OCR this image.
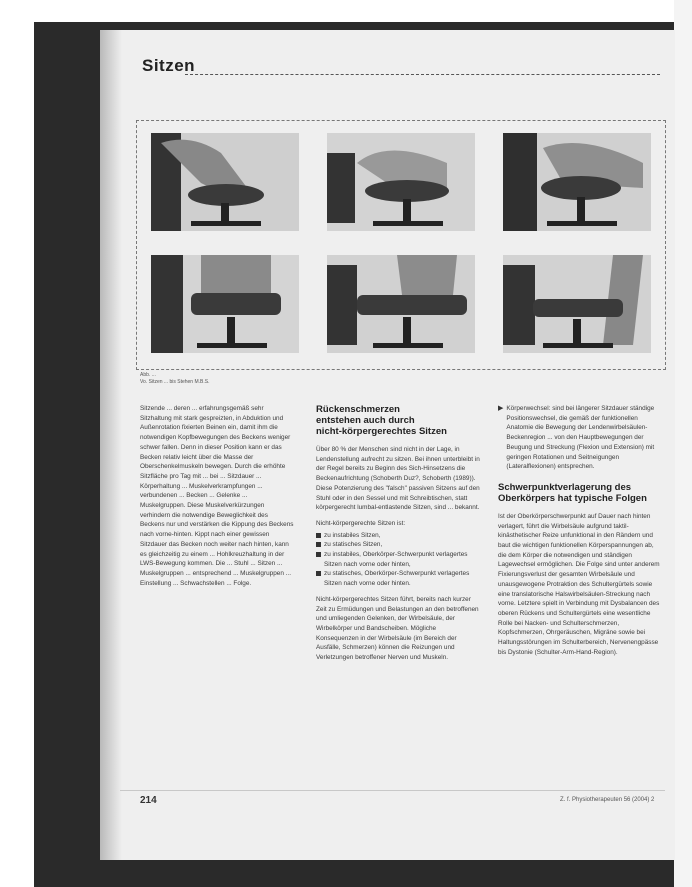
Sitzen
Abb. ...
Vo. Sitzen ... bis Stehen M.B.S.

Sitzende ... deren ... erfahrungsgemäß sehr Sitzhaltung mit stark gespreizten, in Abduktion und Außenrotation fixierten Beinen ein, damit ihm die notwendigen Kopfbewegungen des Beckens weniger schwer fallen. Denn in dieser Position kann er das Becken relativ leicht über die Masse der Oberschenkelmuskeln bewegen. Durch die erhöhte Sitzfläche pro Tag mit ... bei ... Sitzdauer ... Körperhaltung ... Muskelverkrampfungen ... verbundenen ... Becken ... Gelenke ... Muskelgruppen. Diese Muskelverkürzungen verhindern die notwendige Beweglichkeit des Beckens nur und verstärken die Kippung des Beckens nach vorne-hinten. Kippt nach einer gewissen Sitzdauer das Becken noch weiter nach hinten, kann es gleichzeitig zu einem ... Hohlkreuzhaltung in der LWS-Bewegung kommen. Die ... Stuhl ... Sitzen ... Muskelgruppen ... entsprechend ... Muskelgruppen ... Einstellung ... Schwachstellen ... Folge.

Rückenschmerzen
entstehen auch durch
nicht-körpergerechtes Sitzen

Über 80 % der Menschen sind nicht in der Lage, in Lendenstellung aufrecht zu sitzen. Bei ihnen unterbleibt in der Regel bereits zu Beginn des Sich-Hinsetzens die Beckenaufrichtung (Schoberth Duz?, Schoberth (1989)). Diese Potenzierung des "falsch" passiven Sitzens auf den Stuhl oder in den Sessel und mit Schreibtischen, statt körpergerecht lumbal-entlastende Sitzen, sind ... bekannt.

Nicht-körpergerechte Sitzen ist:

zu instabiles Sitzen,
zu statisches Sitzen,
zu instabiles, Oberkörper-Schwerpunkt verlagertes Sitzen nach vorne oder hinten,
zu statisches, Oberkörper-Schwerpunkt verlagertes Sitzen nach vorne oder hinten.

Nicht-körpergerechtes Sitzen führt, bereits nach kurzer Zeit zu Ermüdungen und Belastungen an den betroffenen und umliegenden Gelenken, der Wirbelsäule, der Wirbelkörper und Bandscheiben. Mögliche Konsequenzen in der Wirbelsäule (im Bereich der Ausfälle, Schmerzen) können die Reizungen und Verletzungen betroffener Nerven und Muskeln.

▶ Körperwechsel: sind bei längerer Sitzdauer ständige Positionswechsel, die gemäß der funktionellen Anatomie die Bewegung der Lendenwirbelsäulen-Beckenregion ... von den Hauptbewegungen der Beugung und Streckung (Flexion und Extension) mit geringen Rotationen und Seitneigungen (Lateralflexionen) entsprechen.
Schwerpunktverlagerung des
Oberkörpers hat typische Folgen

Ist der Oberkörperschwerpunkt auf Dauer nach hinten verlagert, führt die Wirbelsäule aufgrund taktil-kinästhetischer Reize unfunktional in den Rändern und baut die wichtigen funktionellen Körperspannungen ab, die dem Körper die notwendigen und ständigen Lagewechsel ermöglichen. Die Folge sind unter anderem Fixierungsverlust der gesamten Wirbelsäule und unausgewogene Protraktion des Schultergürtels sowie eine translatorische Halswirbelsäulen-Streckung nach vorne. Letztere spielt in Verbindung mit Dysbalancen des oberen Rückens und Schultergürtels eine wesentliche Rolle bei Nacken- und Schulterschmerzen, Kopfschmerzen, Ohrgeräuschen, Migräne sowie bei Haltungsstörungen im Schulterbereich, Nervenengpässe bis Dystonie (Schulter-Arm-Hand-Region).

214	Z. f. Physiotherapeuten 56 (2004) 2
